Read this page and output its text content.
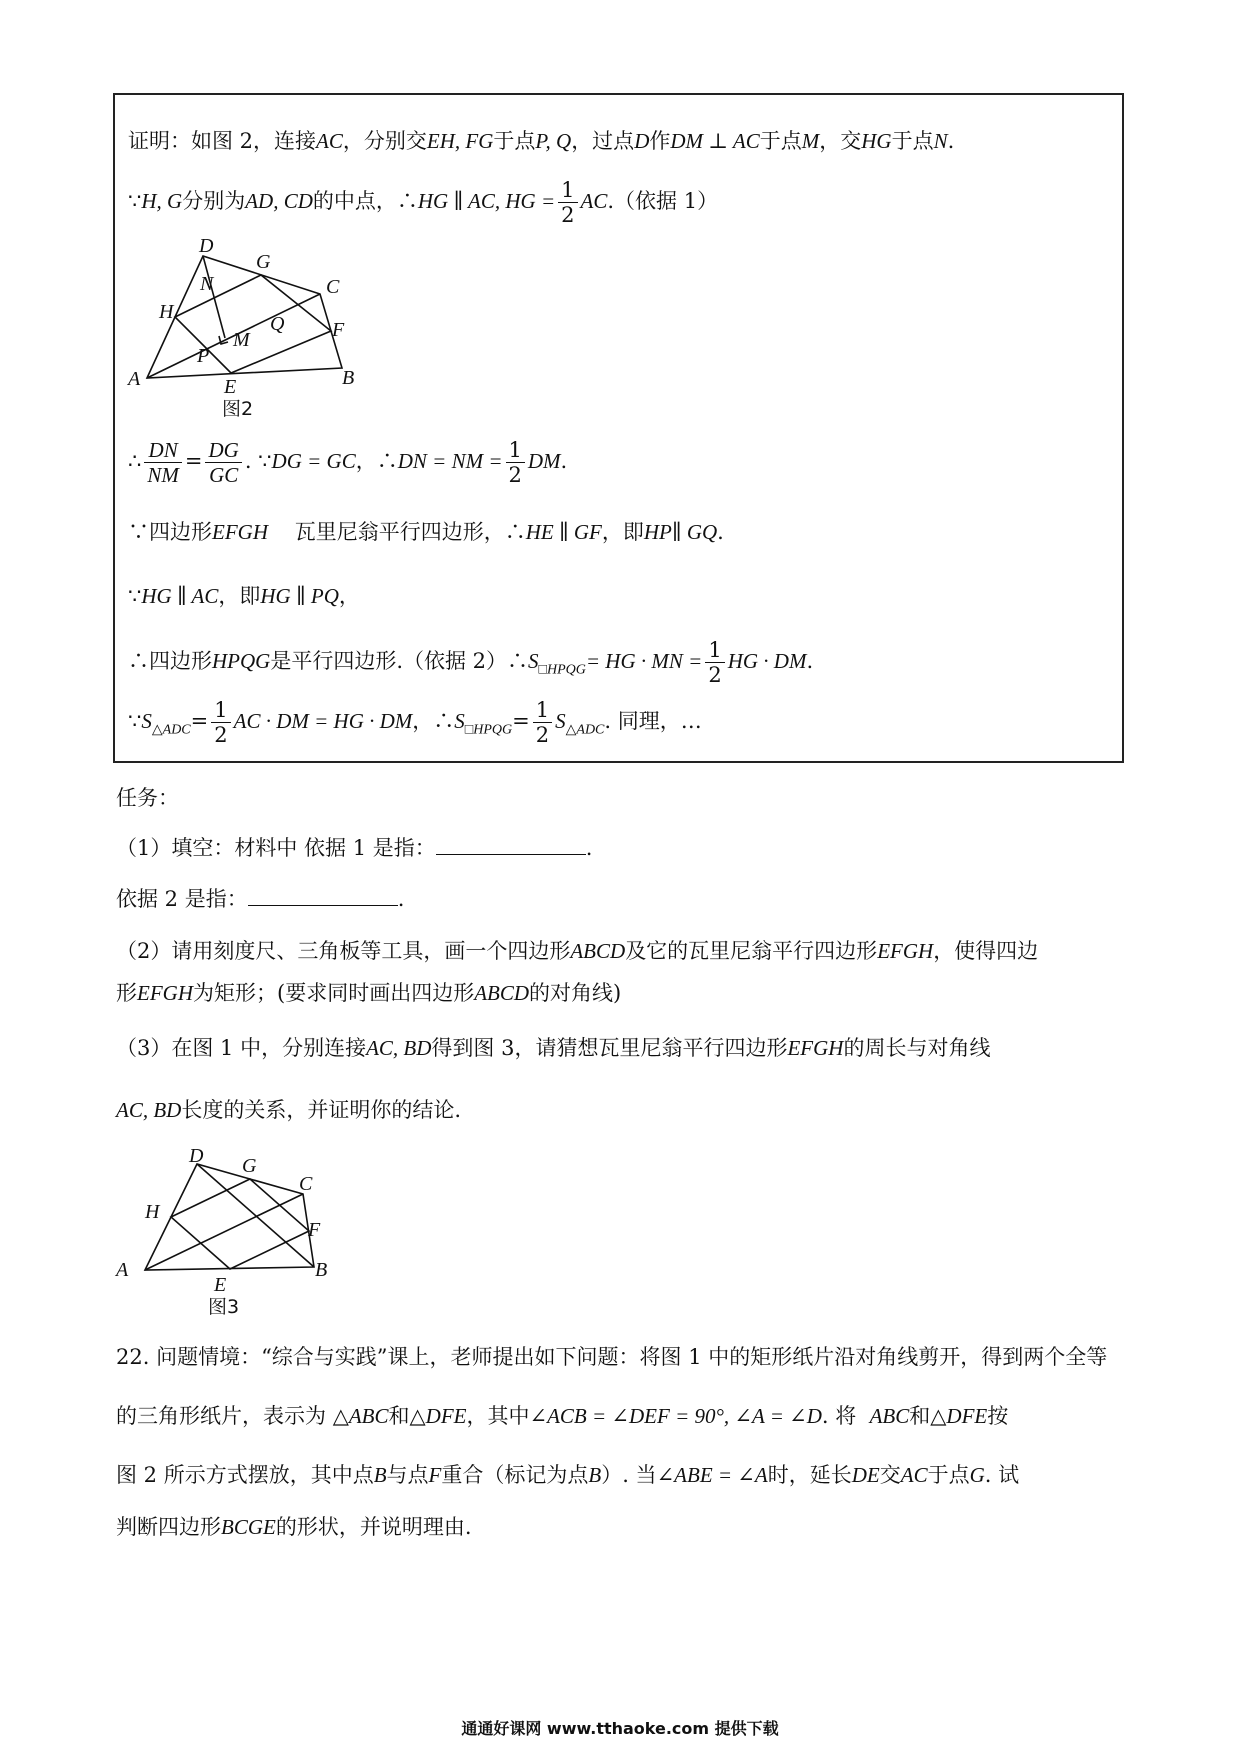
证明：如图 2，连接AC，分别交EH, FG于点P, Q，过点D作DM ⊥ AC于点M，交HG于点N.
∵H, G分别为AD, CD的中点，∴HG ∥ AC, HG = $\frac{1}{2} AC$.（依据 1）
D
G
C
N
H
Q F
M
A
P
E	B
图2
∴ $\frac{DN}{NM} = \frac{DG}{GC}$ . ∵DG = GC，∴DN = NM = $\frac{1}{2}$ DM.
∵四边形EFGH 瓦里尼翁平行四边形，∴HE ∥ GF，即HP∥ GQ.
∵HG ∥ AC，即HG ∥ PQ，
∴四边形HPQG是平行四边形.（依据 $2)\therefore S_{□HPQG}=$ HG · MN = $\frac{1}{2}$ HG · DM.
$\because S_{\triangle ADC}= \frac{1}{2}$ AC · DM = HG · DM，$\therefore S_{□HPQG}= \frac{1}{2} S_{\triangle ADC}$. 同理，…
任务：
（1）填空：材料中 依据 1 是指：	.
依据 2 是指：	.
（2）请用刻度尺、三角板等工具，画一个四边形ABCD及它的瓦里尼翁平行四边形EFGH，使得四边
形EFGH为矩形；(要求同时画出四边形ABCD的对角线)
（3）在图 1 中，分别连接AC, BD得到图 3，请猜想瓦里尼翁平行四边形EFGH的周长与对角线
AC, BD长度的关系，并证明你的结论.
D G
C
H
F
A
E
B
图3
22. 问题情境：“综合与实践”课上，老师提出如下问题：将图 1 中的矩形纸片沿对角线剪开，得到两个全等
的三角形纸片，表示为 △ABC和△DFE，其中∠ACB = ∠DEF = 90°, ∠A = ∠D. 将 ABC和△DFE按
图 2 所示方式摆放，其中点B与点F重合（标记为点B）. 当∠ABE = ∠A时，延长DE交AC于点G. 试
判断四边形BCGE的形状，并说明理由.
通通好课网 www.tthaoke.com 提供下载
